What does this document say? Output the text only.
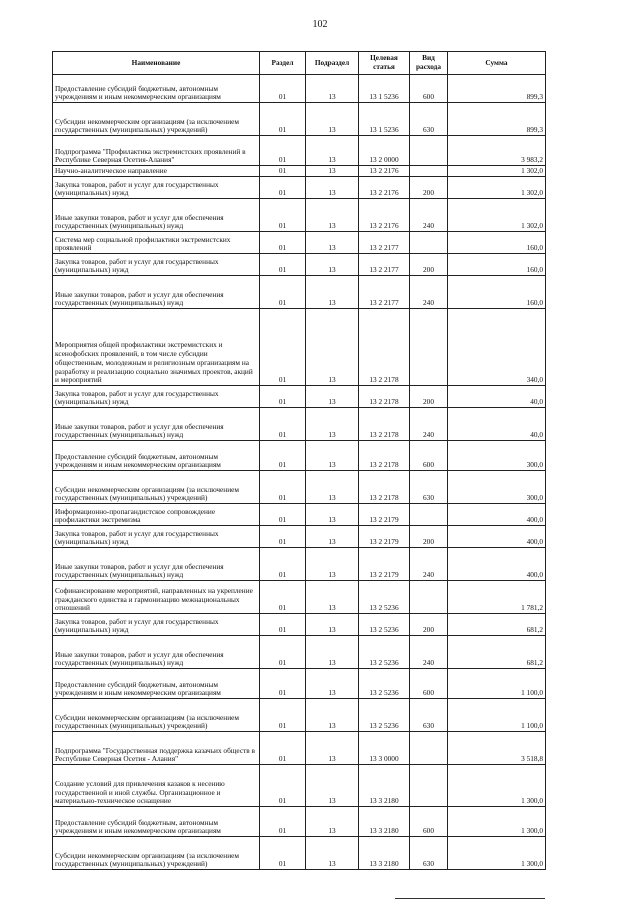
102
Наименование	Раздел	Подраздел	Целевая статья	Вид расхода	Сумма
Предоставление субсидий бюджетным, автономным учреждениям и иным некоммерческим организациям	01	13	13 1 5236	600	899,3
Субсидии некоммерческим организациям (за исключением государственных (муниципальных) учреждений)	01	13	13 1 5236	630	899,3
Подпрограмма "Профилактика экстремистских проявлений в Республике Северная Осетия-Алания"	01	13	13 2 0000		3 983,2
Научно-аналитическое направление	01	13	13 2 2176		1 302,0
Закупка товаров, работ и услуг для государственных (муниципальных) нужд	01	13	13 2 2176	200	1 302,0
Иные закупки товаров, работ и услуг для обеспечения государственных (муниципальных) нужд	01	13	13 2 2176	240	1 302,0
Система мер социальной профилактики экстремистских проявлений	01	13	13 2 2177		160,0
Закупка товаров, работ и услуг для государственных (муниципальных) нужд	01	13	13 2 2177	200	160,0
Иные закупки товаров, работ и услуг для обеспечения государственных (муниципальных) нужд	01	13	13 2 2177	240	160,0
Мероприятия общей профилактики экстремистских и ксенофобских проявлений, в том числе субсидии общественным, молодежным и религиозным организациям на разработку и реализацию социально значимых проектов, акций и мероприятий	01	13	13 2 2178		340,0
Закупка товаров, работ и услуг для государственных (муниципальных) нужд	01	13	13 2 2178	200	40,0
Иные закупки товаров, работ и услуг для обеспечения государственных (муниципальных) нужд	01	13	13 2 2178	240	40,0
Предоставление субсидий бюджетным, автономным учреждениям и иным некоммерческим организациям	01	13	13 2 2178	600	300,0
Субсидии некоммерческим организациям (за исключением государственных (муниципальных) учреждений)	01	13	13 2 2178	630	300,0
Информационно-пропагандистское сопровождение профилактики экстремизма	01	13	13 2 2179		400,0
Закупка товаров, работ и услуг для государственных (муниципальных) нужд	01	13	13 2 2179	200	400,0
Иные закупки товаров, работ и услуг для обеспечения государственных (муниципальных) нужд	01	13	13 2 2179	240	400,0
Софинансирование мероприятий, направленных на укрепление гражданского единства и гармонизацию межнациональных отношений	01	13	13 2 5236		1 781,2
Закупка товаров, работ и услуг для государственных (муниципальных) нужд	01	13	13 2 5236	200	681,2
Иные закупки товаров, работ и услуг для обеспечения государственных (муниципальных) нужд	01	13	13 2 5236	240	681,2
Предоставление субсидий бюджетным, автономным учреждениям и иным некоммерческим организациям	01	13	13 2 5236	600	1 100,0
Субсидии некоммерческим организациям (за исключением государственных (муниципальных) учреждений)	01	13	13 2 5236	630	1 100,0
Подпрограмма "Государственная поддержка казачьих обществ в Республике Северная Осетия - Алания"	01	13	13 3 0000		3 518,8
Создание условий для привлечения казаков к несению государственной и иной службы. Организационное и материально-техническое оснащение	01	13	13 3 2180		1 300,0
Предоставление субсидий бюджетным, автономным учреждениям и иным некоммерческим организациям	01	13	13 3 2180	600	1 300,0
Субсидии некоммерческим организациям (за исключением государственных (муниципальных) учреждений)	01	13	13 3 2180	630	1 300,0
